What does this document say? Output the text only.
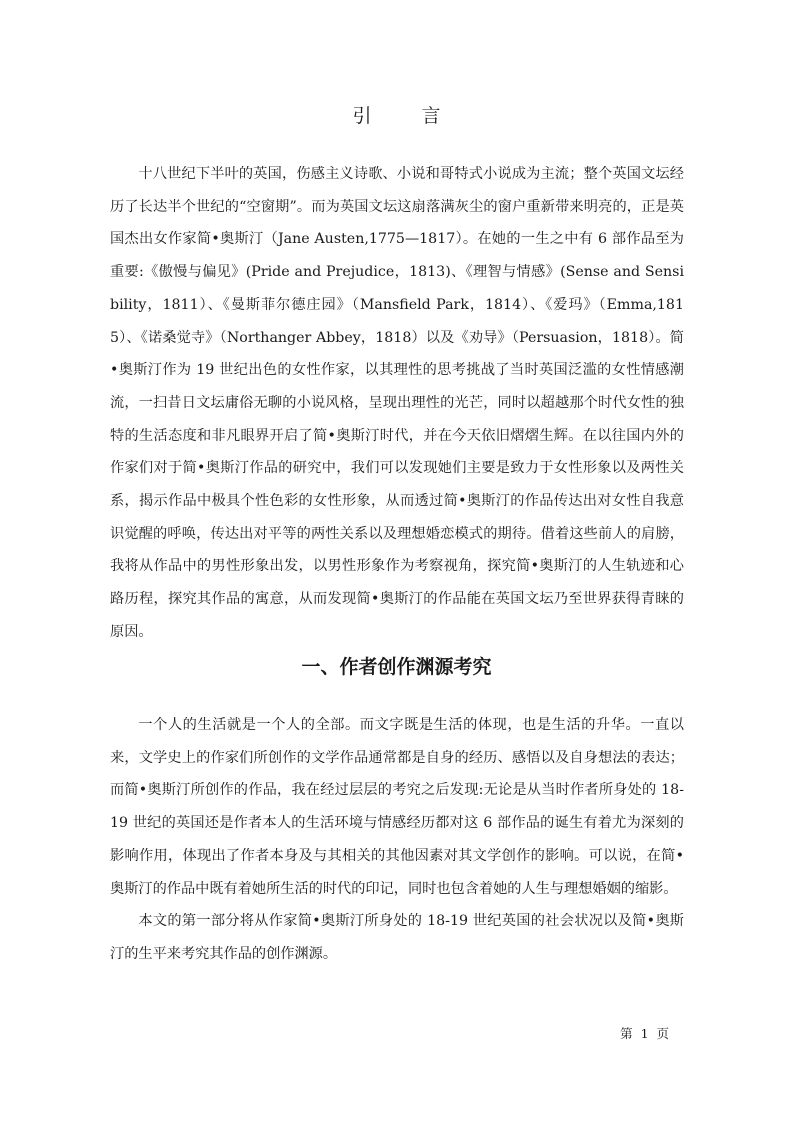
引 言

十八世纪下半叶的英国，伤感主义诗歌、小说和哥特式小说成为主流；整个英国文坛经历了长达半个世纪的“空窗期”。而为英国文坛这扇落满灰尘的窗户重新带来明亮的，正是英国杰出女作家简•奥斯汀（Jane Austen,1775—1817）。在她的一生之中有 6 部作品至为重要:《傲慢与偏见》(Pride and Prejudice，1813)、《理智与情感》(Sense and Sensibility，1811）、《曼斯菲尔德庄园》（Mansfield Park，1814）、《爱玛》（Emma,1815）、《诺桑觉寺》（Northanger Abbey，1818）以及《劝导》（Persuasion，1818）。简•奥斯汀作为 19 世纪出色的女性作家，以其理性的思考挑战了当时英国泛滥的女性情感潮流，一扫昔日文坛庸俗无聊的小说风格，呈现出理性的光芒，同时以超越那个时代女性的独特的生活态度和非凡眼界开启了简•奥斯汀时代，并在今天依旧熠熠生辉。在以往国内外的作家们对于简•奥斯汀作品的研究中，我们可以发现她们主要是致力于女性形象以及两性关系，揭示作品中极具个性色彩的女性形象，从而透过简•奥斯汀的作品传达出对女性自我意识觉醒的呼唤，传达出对平等的两性关系以及理想婚恋模式的期待。借着这些前人的肩膀，我将从作品中的男性形象出发，以男性形象作为考察视角，探究简•奥斯汀的人生轨迹和心路历程，探究其作品的寓意，从而发现简•奥斯汀的作品能在英国文坛乃至世界获得青睐的原因。

一、作者创作渊源考究

一个人的生活就是一个人的全部。而文字既是生活的体现，也是生活的升华。一直以来，文学史上的作家们所创作的文学作品通常都是自身的经历、感悟以及自身想法的表达；而简•奥斯汀所创作的作品，我在经过层层的考究之后发现:无论是从当时作者所身处的 18-19 世纪的英国还是作者本人的生活环境与情感经历都对这 6 部作品的诞生有着尤为深刻的影响作用，体现出了作者本身及与其相关的其他因素对其文学创作的影响。可以说，在简•奥斯汀的作品中既有着她所生活的时代的印记，同时也包含着她的人生与理想婚姻的缩影。

本文的第一部分将从作家简•奥斯汀所身处的 18-19 世纪英国的社会状况以及简•奥斯汀的生平来考究其作品的创作渊源。

第 1 页
